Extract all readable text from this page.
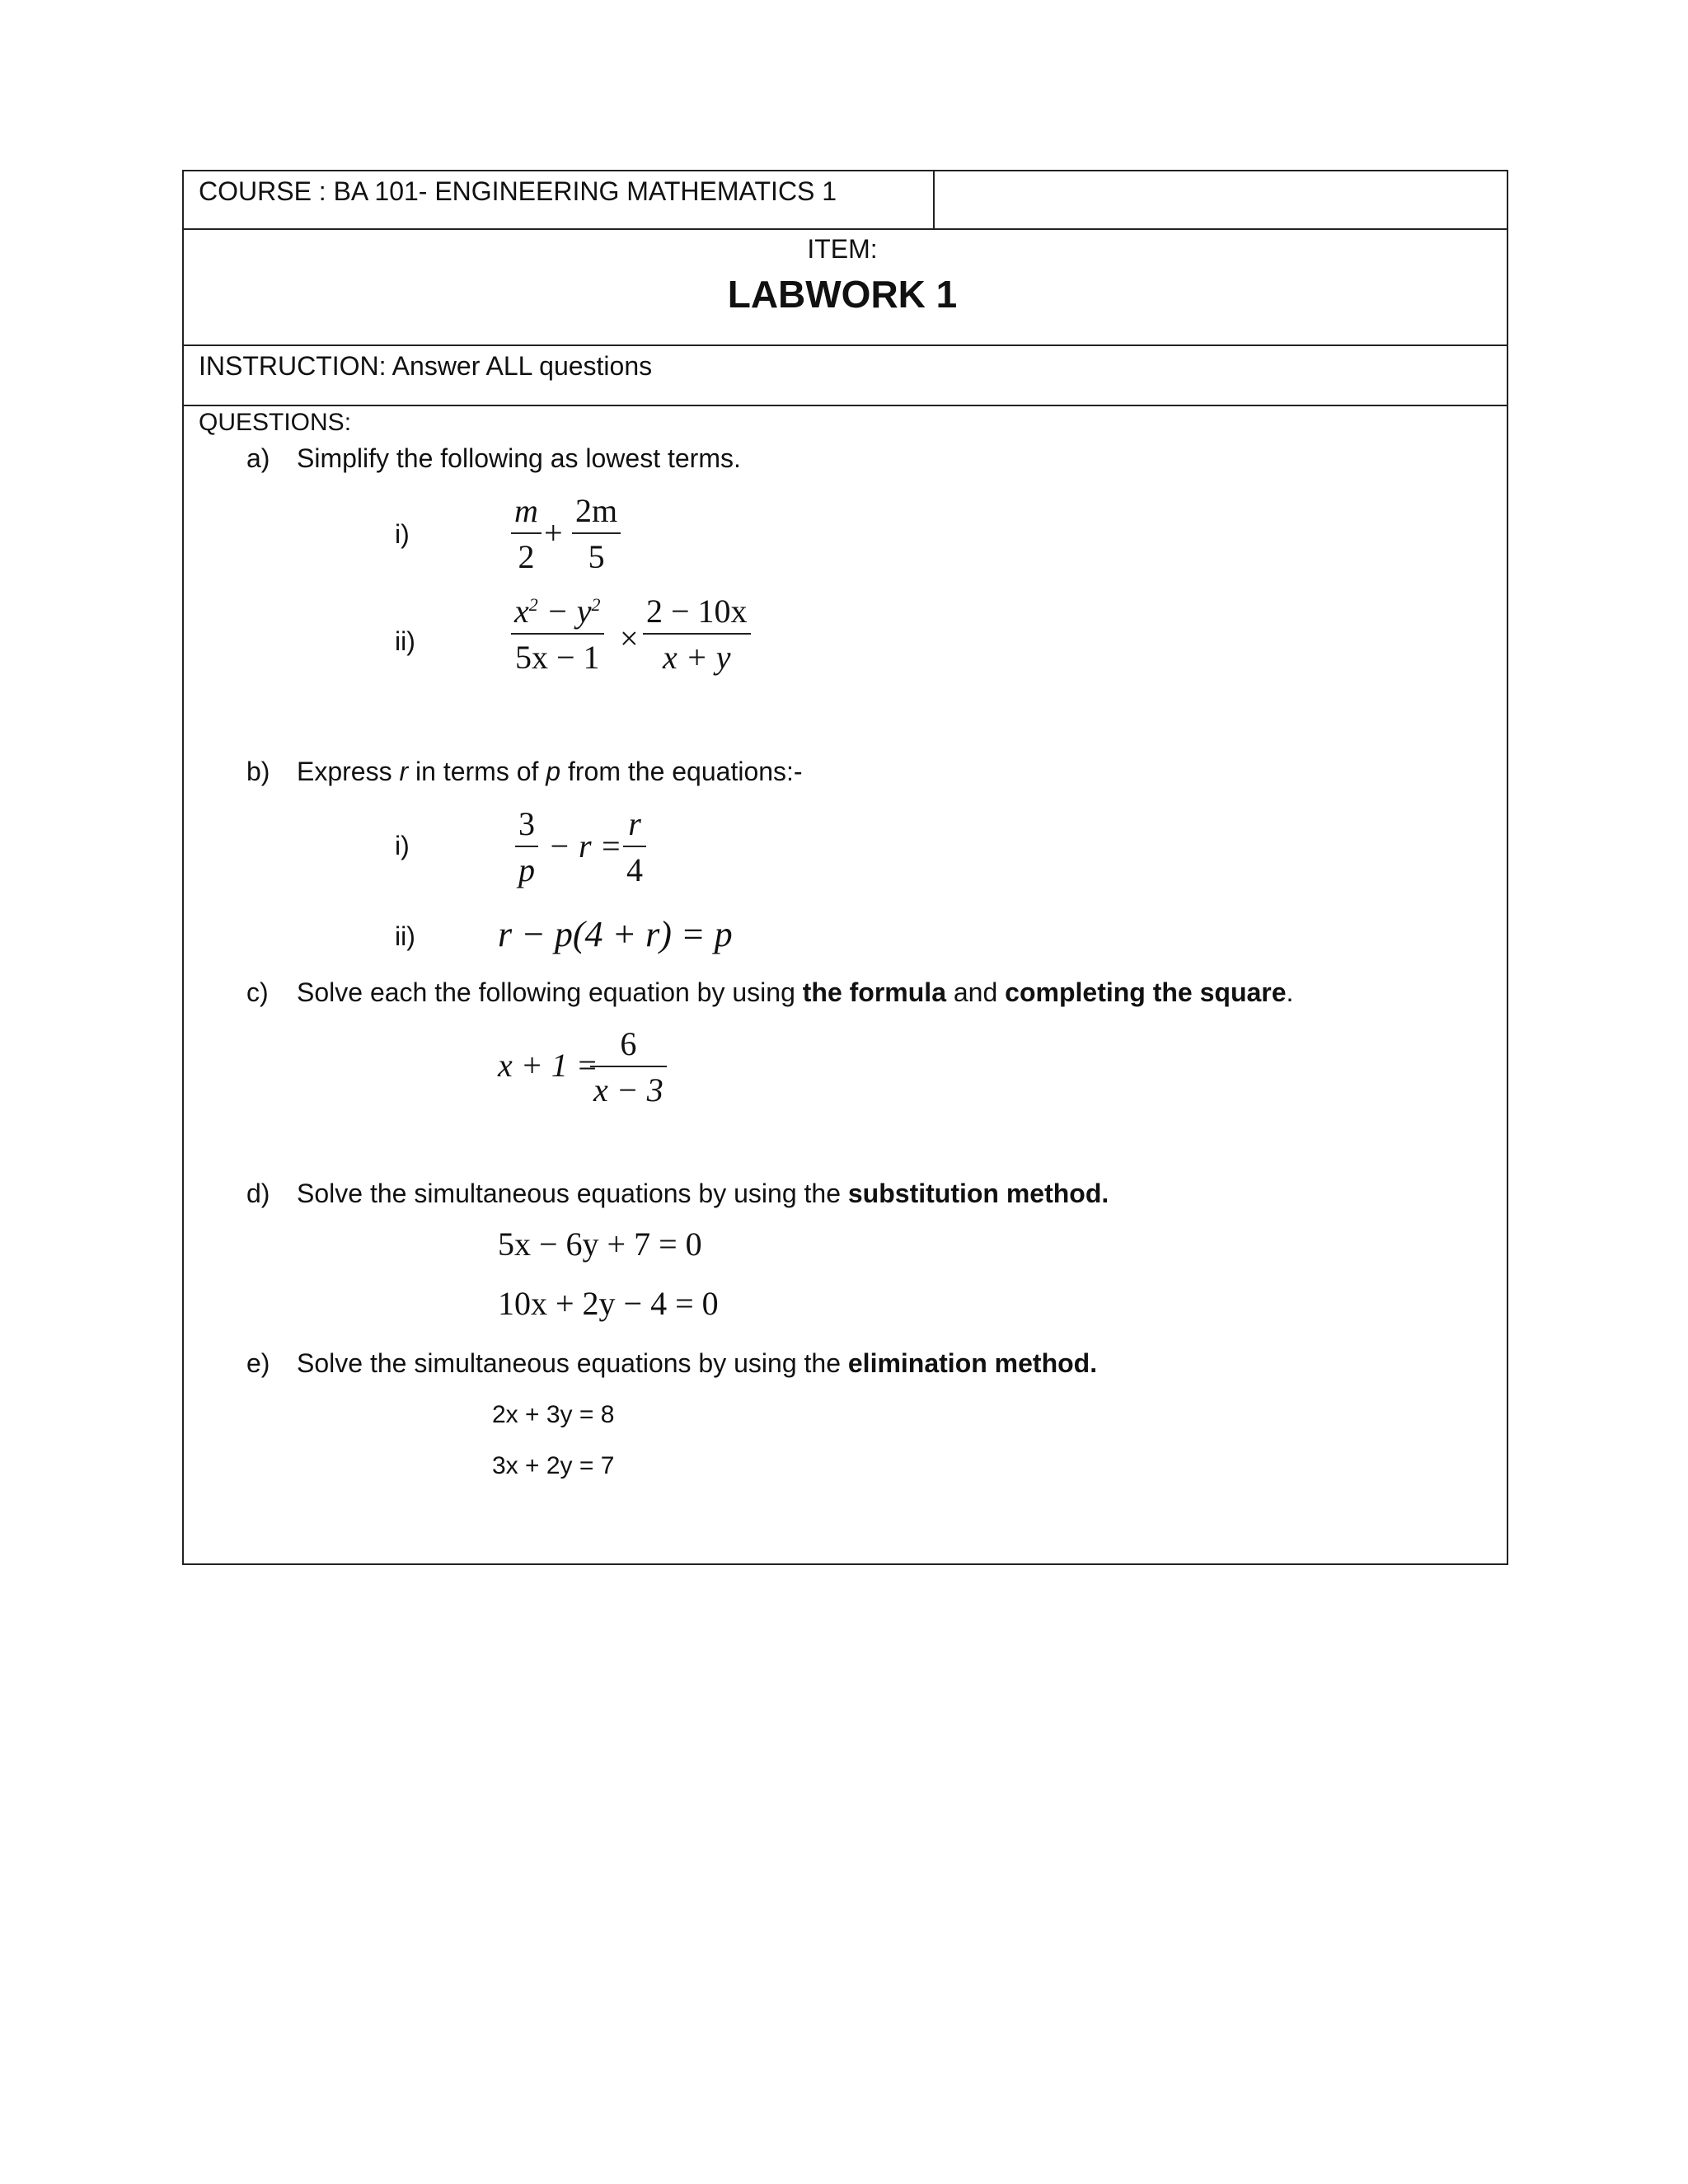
COURSE : BA 101- ENGINEERING MATHEMATICS 1
ITEM:
LABWORK 1
INSTRUCTION: Answer ALL questions
QUESTIONS:
a) Simplify the following as lowest terms.
i)
m
2
+
2m
5
ii)
$x^2 - y^2$
5x − 1
×
2 − 10x
x + y
b) Express r in terms of p from the equations:-
i)
3
p
− r =
r
4
ii) r − p(4 + r) = p
c) Solve each the following equation by using the formula and completing the square.
x + 1 =
6
x − 3
d) Solve the simultaneous equations by using the substitution method.
5x − 6y + 7 = 0
10x + 2y − 4 = 0
e) Solve the simultaneous equations by using the elimination method.
2x + 3y = 8
3x + 2y = 7
